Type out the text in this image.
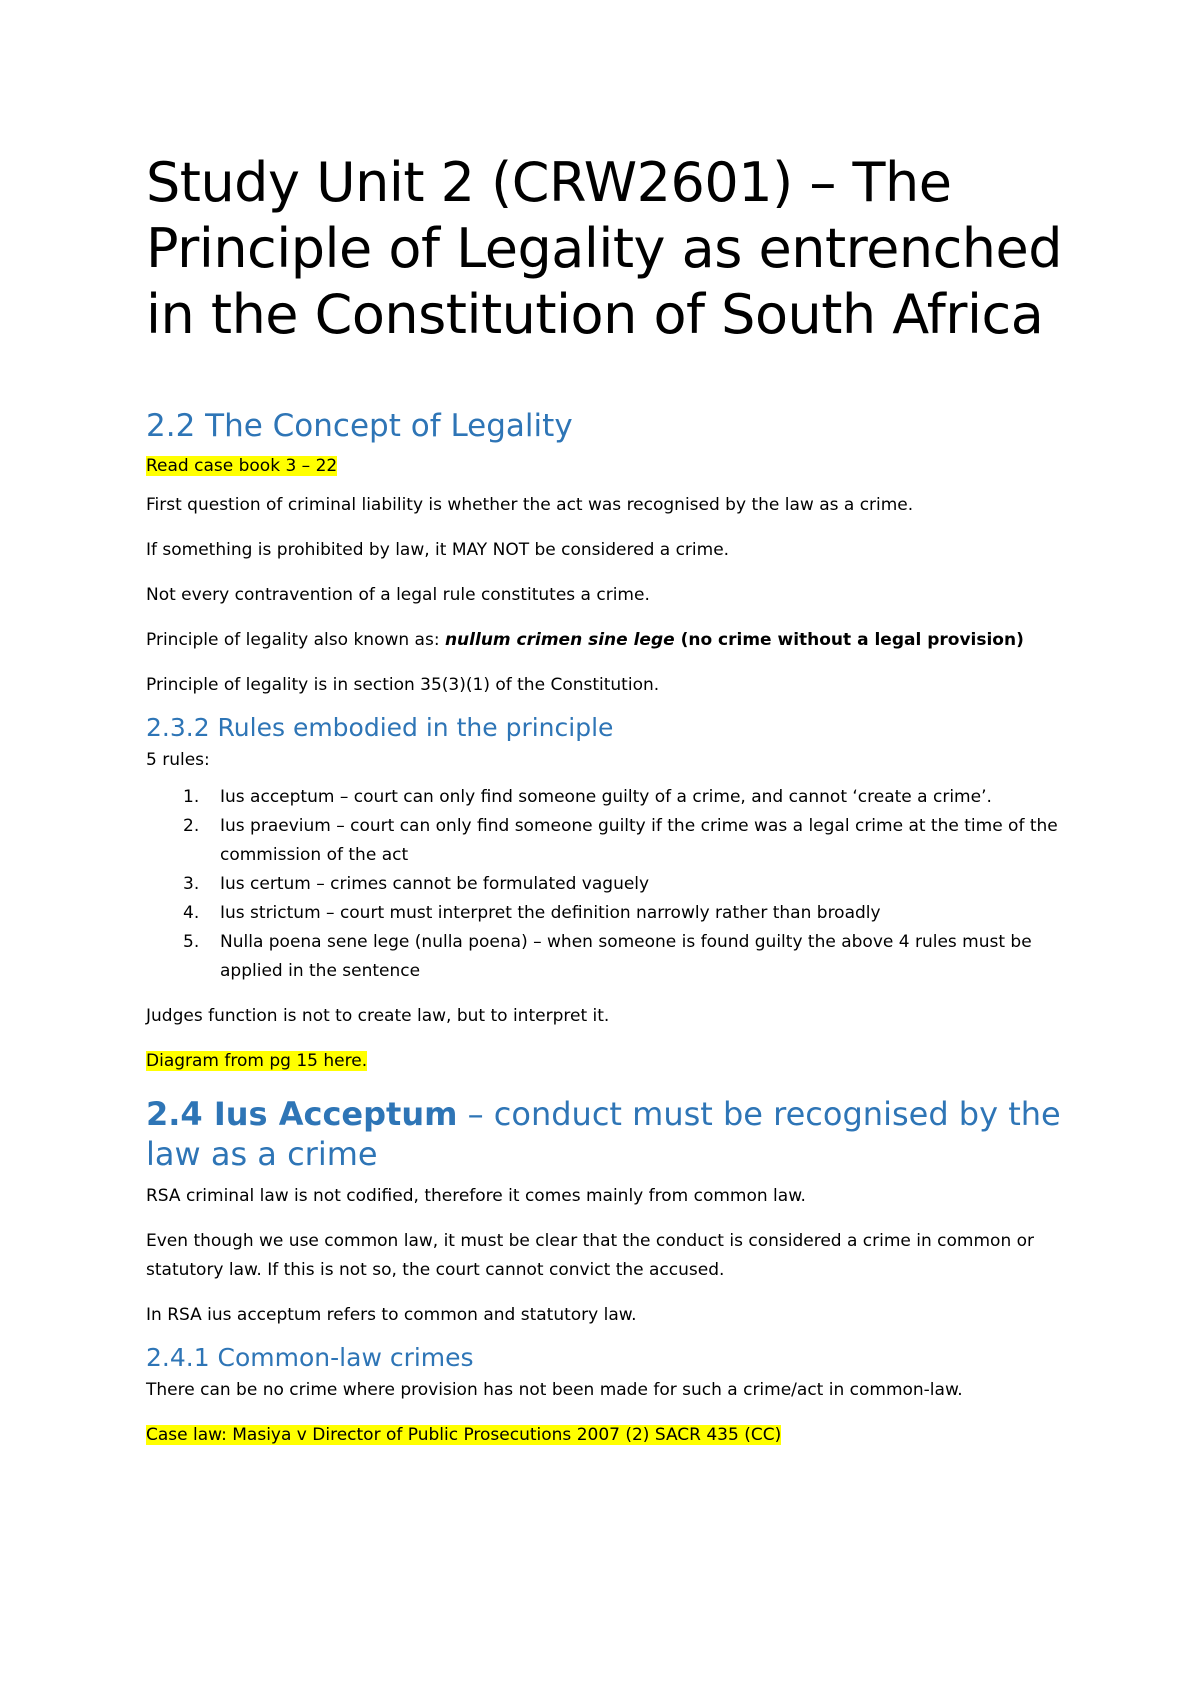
Study Unit 2 (CRW2601) – The Principle of Legality as entrenched in the Constitution of South Africa
2.2 The Concept of Legality

Read case book 3 – 22

First question of criminal liability is whether the act was recognised by the law as a crime.

If something is prohibited by law, it MAY NOT be considered a crime.

Not every contravention of a legal rule constitutes a crime.

Principle of legality also known as: nullum crimen sine lege (no crime without a legal provision)

Principle of legality is in section 35(3)(1) of the Constitution.

2.3.2 Rules embodied in the principle

5 rules:

1. Ius acceptum – court can only find someone guilty of a crime, and cannot ‘create a crime’.
2. Ius praevium – court can only find someone guilty if the crime was a legal crime at the time of the commission of the act
3. Ius certum – crimes cannot be formulated vaguely
4. Ius strictum – court must interpret the definition narrowly rather than broadly
5. Nulla poena sene lege (nulla poena) – when someone is found guilty the above 4 rules must be applied in the sentence

Judges function is not to create law, but to interpret it.

Diagram from pg 15 here.

2.4 Ius Acceptum – conduct must be recognised by the law as a crime

RSA criminal law is not codified, therefore it comes mainly from common law.

Even though we use common law, it must be clear that the conduct is considered a crime in common or statutory law. If this is not so, the court cannot convict the accused.

In RSA ius acceptum refers to common and statutory law.

2.4.1 Common-law crimes

There can be no crime where provision has not been made for such a crime/act in common-law.

Case law: Masiya v Director of Public Prosecutions 2007 (2) SACR 435 (CC)
